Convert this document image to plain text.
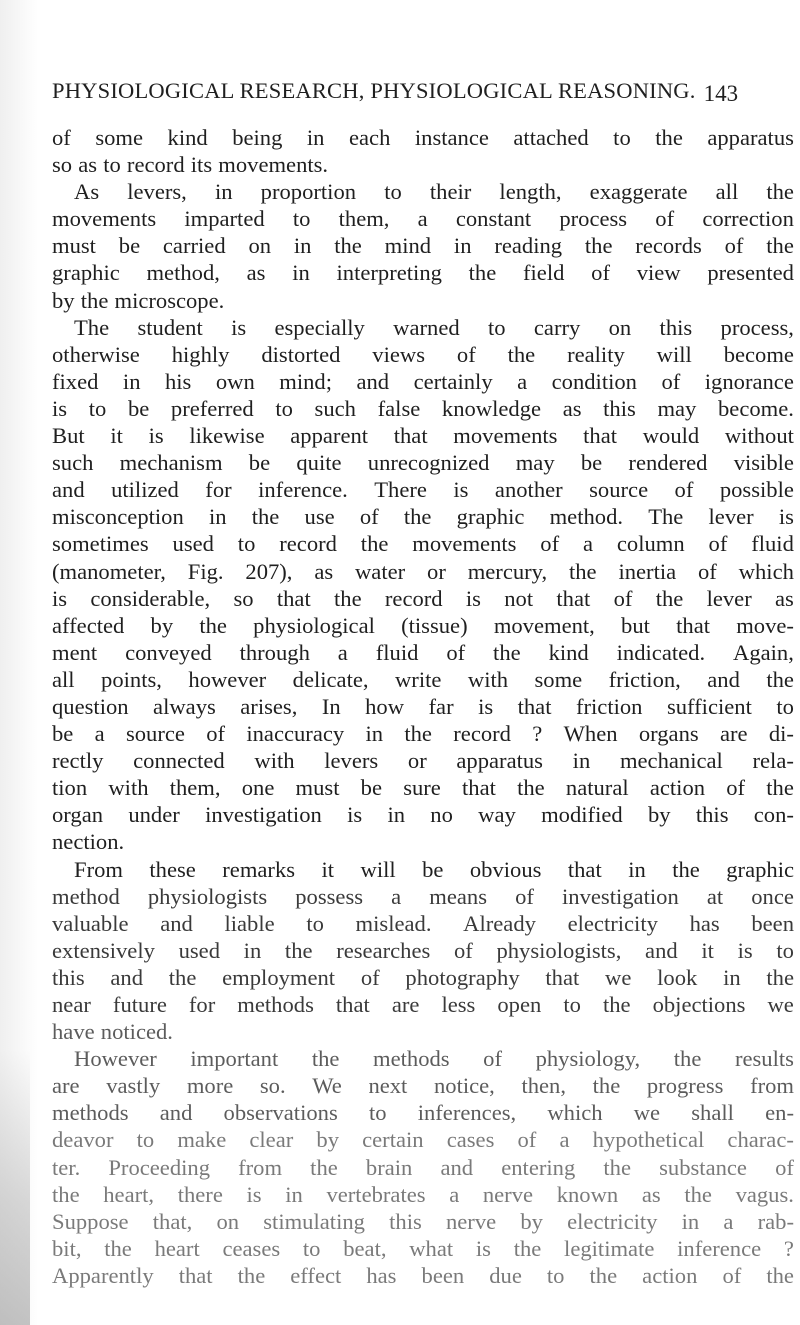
PHYSIOLOGICAL RESEARCH, PHYSIOLOGICAL REASONING. 143
of some kind being in each instance attached to the apparatus
so as to record its movements.
As levers, in proportion to their length, exaggerate all the
movements imparted to them, a constant process of correction
must be carried on in the mind in reading the records of the
graphic method, as in interpreting the field of view presented
by the microscope.
The student is especially warned to carry on this process,
otherwise highly distorted views of the reality will become
fixed in his own mind; and certainly a condition of ignorance
is to be preferred to such false knowledge as this may become.
But it is likewise apparent that movements that would without
such mechanism be quite unrecognized may be rendered visible
and utilized for inference. There is another source of possible
misconception in the use of the graphic method. The lever is
sometimes used to record the movements of a column of fluid
(manometer, Fig. 207), as water or mercury, the inertia of which
is considerable, so that the record is not that of the lever as
affected by the physiological (tissue) movement, but that move-
ment conveyed through a fluid of the kind indicated. Again,
all points, however delicate, write with some friction, and the
question always arises, In how far is that friction sufficient to
be a source of inaccuracy in the record ? When organs are di-
rectly connected with levers or apparatus in mechanical rela-
tion with them, one must be sure that the natural action of the
organ under investigation is in no way modified by this con-
nection.
From these remarks it will be obvious that in the graphic
method physiologists possess a means of investigation at once
valuable and liable to mislead. Already electricity has been
extensively used in the researches of physiologists, and it is to
this and the employment of photography that we look in the
near future for methods that are less open to the objections we
have noticed.
However important the methods of physiology, the results
are vastly more so. We next notice, then, the progress from
methods and observations to inferences, which we shall en-
deavor to make clear by certain cases of a hypothetical charac-
ter. Proceeding from the brain and entering the substance of
the heart, there is in vertebrates a nerve known as the vagus.
Suppose that, on stimulating this nerve by electricity in a rab-
bit, the heart ceases to beat, what is the legitimate inference ?
Apparently that the effect has been due to the action of the
